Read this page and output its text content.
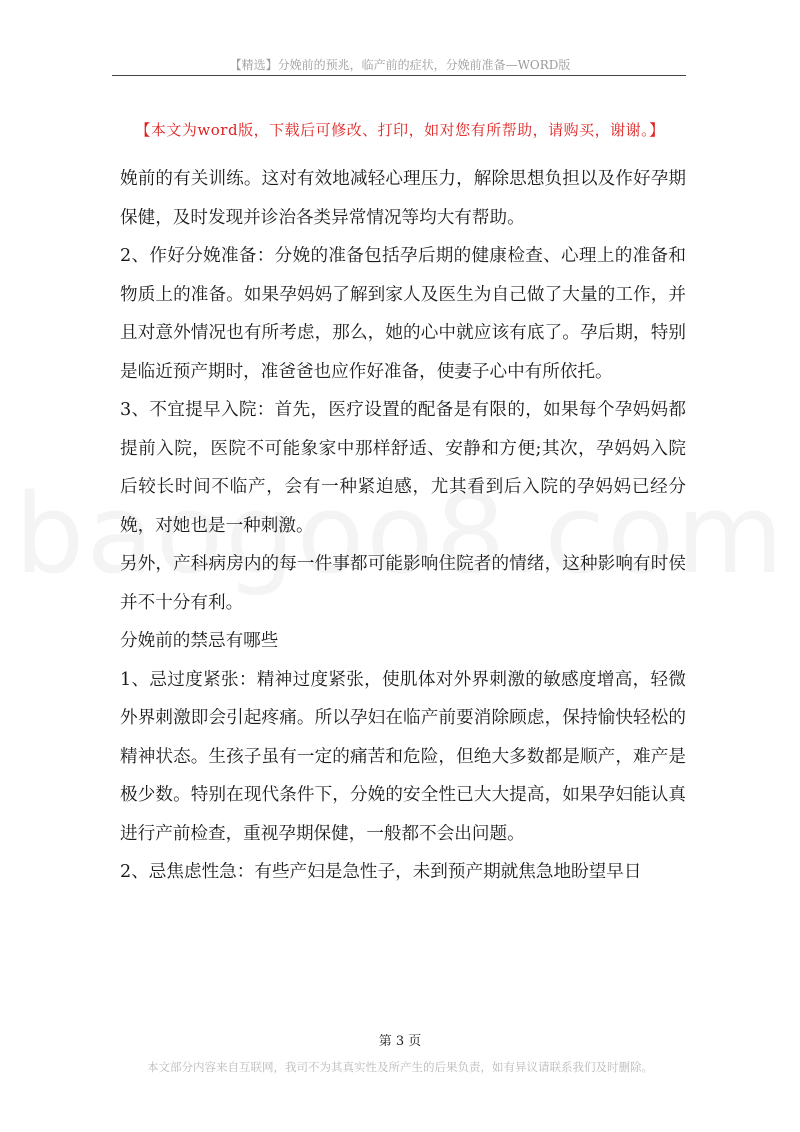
【精选】分娩前的预兆，临产前的症状，分娩前准备—WORD版
【本文为word版，下载后可修改、打印，如对您有所帮助，请购买，谢谢。】

娩前的有关训练。这对有效地减轻心理压力，解除思想负担以及作好孕期保健，及时发现并诊治各类异常情况等均大有帮助。

2、作好分娩准备：分娩的准备包括孕后期的健康检查、心理上的准备和物质上的准备。如果孕妈妈了解到家人及医生为自己做了大量的工作，并且对意外情况也有所考虑，那么，她的心中就应该有底了。孕后期，特别是临近预产期时，准爸爸也应作好准备，使妻子心中有所依托。

3、不宜提早入院：首先，医疗设置的配备是有限的，如果每个孕妈妈都提前入院，医院不可能象家中那样舒适、安静和方便;其次，孕妈妈入院后较长时间不临产，会有一种紧迫感，尤其看到后入院的孕妈妈已经分娩，对她也是一种刺激。

另外，产科病房内的每一件事都可能影响住院者的情绪，这种影响有时侯并不十分有利。

分娩前的禁忌有哪些

1、忌过度紧张：精神过度紧张，使肌体对外界刺激的敏感度增高，轻微外界刺激即会引起疼痛。所以孕妇在临产前要消除顾虑，保持愉快轻松的精神状态。生孩子虽有一定的痛苦和危险，但绝大多数都是顺产，难产是极少数。特别在现代条件下，分娩的安全性已大大提高，如果孕妇能认真进行产前检查，重视孕期保健，一般都不会出问题。

2、忌焦虑性急：有些产妇是急性子，未到预产期就焦急地盼望早日

第 3 页
本文部分内容来自互联网，我司不为其真实性及所产生的后果负责，如有异议请联系我们及时删除。
